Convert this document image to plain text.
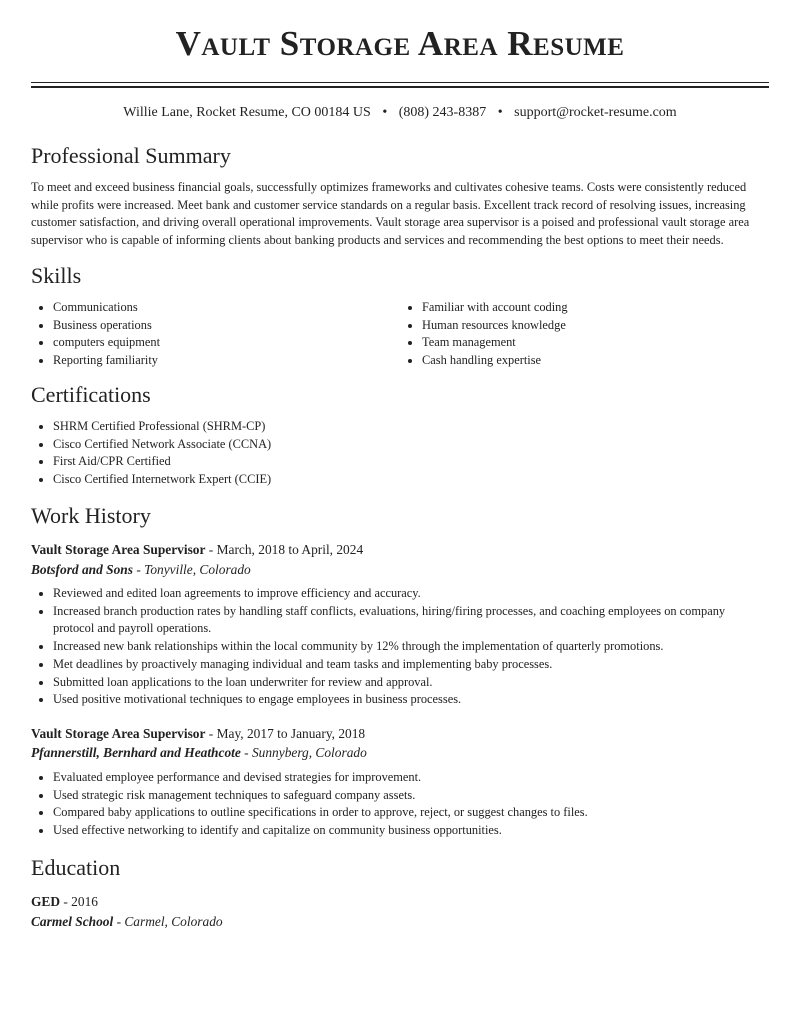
Vault Storage Area Resume
Willie Lane, Rocket Resume, CO 00184 US • (808) 243-8387 • support@rocket-resume.com
Professional Summary

To meet and exceed business financial goals, successfully optimizes frameworks and cultivates cohesive teams. Costs were consistently reduced while profits were increased. Meet bank and customer service standards on a regular basis. Excellent track record of resolving issues, increasing customer satisfaction, and driving overall operational improvements. Vault storage area supervisor is a poised and professional vault storage area supervisor who is capable of informing clients about banking products and services and recommending the best options to meet their needs.

Skills
• Communications
• Business operations
• computers equipment
• Reporting familiarity
• Familiar with account coding
• Human resources knowledge
• Team management
• Cash handling expertise
Certifications
• SHRM Certified Professional (SHRM-CP)
• Cisco Certified Network Associate (CCNA)
• First Aid/CPR Certified
• Cisco Certified Internetwork Expert (CCIE)
Work History
Vault Storage Area Supervisor - March, 2018 to April, 2024
Botsford and Sons - Tonyville, Colorado
• Reviewed and edited loan agreements to improve efficiency and accuracy.
• Increased branch production rates by handling staff conflicts, evaluations, hiring/firing processes, and coaching employees on company protocol and payroll operations.
• Increased new bank relationships within the local community by 12% through the implementation of quarterly promotions.
• Met deadlines by proactively managing individual and team tasks and implementing baby processes.
• Submitted loan applications to the loan underwriter for review and approval.
• Used positive motivational techniques to engage employees in business processes.
Vault Storage Area Supervisor - May, 2017 to January, 2018
Pfannerstill, Bernhard and Heathcote - Sunnyberg, Colorado
• Evaluated employee performance and devised strategies for improvement.
• Used strategic risk management techniques to safeguard company assets.
• Compared baby applications to outline specifications in order to approve, reject, or suggest changes to files.
• Used effective networking to identify and capitalize on community business opportunities.
Education
GED - 2016
Carmel School - Carmel, Colorado
